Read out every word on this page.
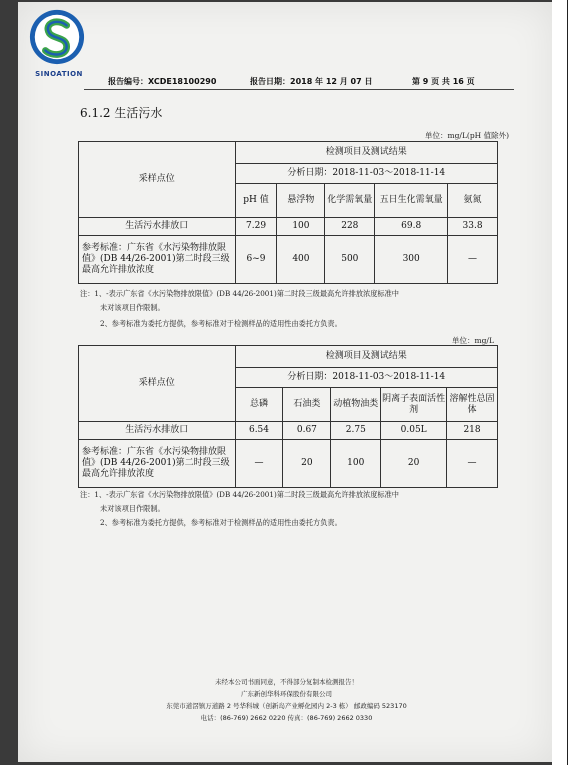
SINOATION
报告编号：XCDE18100290	报告日期：2018 年 12 月 07 日	第 9 页 共 16 页
6.1.2 生活污水
单位：mg/L(pH 值除外)
采样点位	检测项目及测试结果				
	分析日期：2018-11-03～2018-11-14				
	pH 值	悬浮物	化学需氧量	五日生化需氧量	氨氮
生活污水排放口	7.29	100	228	69.8	33.8
参考标准：广东省《水污染物排放限值》(DB 44/26-2001)第二时段三级最高允许排放浓度	6~9	400	500	300	—
注：1、-表示广东省《水污染物排放限值》(DB 44/26-2001)第二时段三级最高允许排放浓度标准中
未对该项目作限制。
2、参考标准为委托方提供，参考标准对于检测样品的适用性由委托方负责。
单位：mg/L
采样点位	检测项目及测试结果				
	分析日期：2018-11-03～2018-11-14				
	总磷	石油类	动植物油类	阴离子表面活性剂	溶解性总固体
生活污水排放口	6.54	0.67	2.75	0.05L	218
参考标准：广东省《水污染物排放限值》(DB 44/26-2001)第二时段三级最高允许排放浓度	—	20	100	20	—
注：1、-表示广东省《水污染物排放限值》(DB 44/26-2001)第二时段三级最高允许排放浓度标准中
未对该项目作限制。
2、参考标准为委托方提供，参考标准对于检测样品的适用性由委托方负责。
未经本公司书面同意，不得部分复制本检测报告！
广东新创华科环保股份有限公司
东莞市道滘镇万道路 2 号华科城（创新岛产业孵化园内 2-3 栋） 邮政编码 523170
电话：(86-769) 2662 0220 传真：(86-769) 2662 0330
